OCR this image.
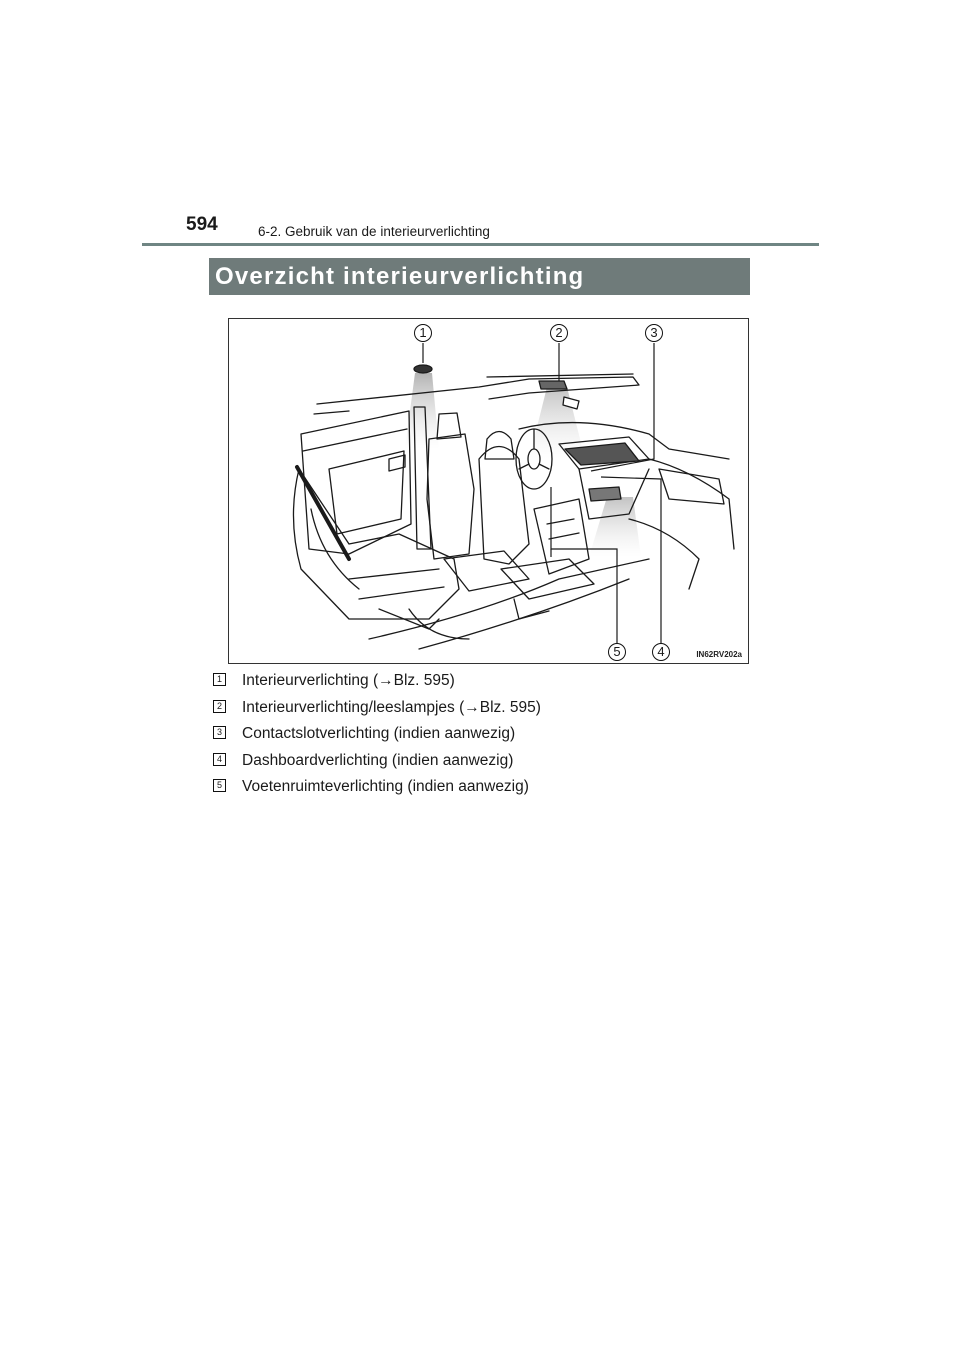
594	6-2. Gebruik van de interieurverlichting
Overzicht interieurverlichting
1	2	3
4
5	IN62RV202a
1 Interieurverlichting (→Blz. 595)
2 Interieurverlichting/leeslampjes (→Blz. 595)
3 Contactslotverlichting (indien aanwezig)
4 Dashboardverlichting (indien aanwezig)
5 Voetenruimteverlichting (indien aanwezig)
